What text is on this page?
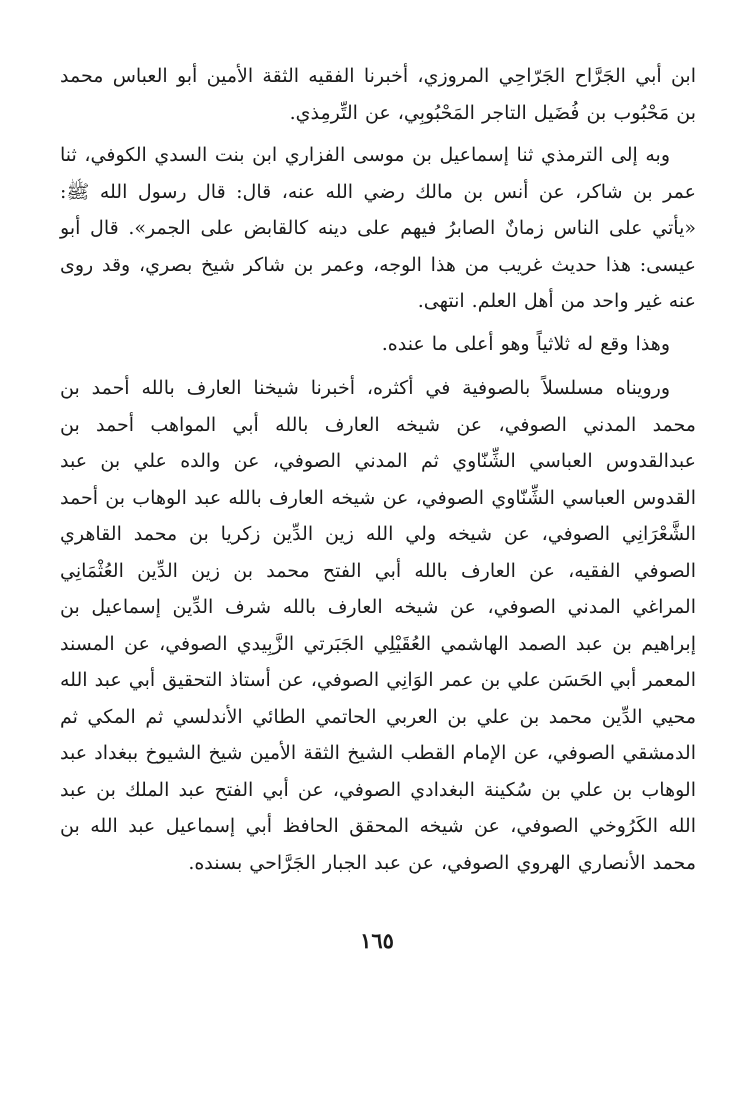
ابن أبي الجَرَّاح الجَرّاحِي المروزي، أخبرنا الفقيه الثقة الأمين أبو العباس محمد بن مَحْبُوب بن فُضَيل التاجر المَحْبُوبِي، عن التِّرمِذي.

وبه إلى الترمذي ثنا إسماعيل بن موسى الفزاري ابن بنت السدي الكوفي، ثنا عمر بن شاكر، عن أنس بن مالك رضي الله عنه، قال: قال رسول الله ﷺ: «يأتي على الناس زمانٌ الصابرُ فيهم على دينه كالقابض على الجمر». قال أبو عيسى: هذا حديث غريب من هذا الوجه، وعمر بن شاكر شيخ بصري، وقد روى عنه غير واحد من أهل العلم. انتهى.

وهذا وقع له ثلاثياً وهو أعلى ما عنده.

ورويناه مسلسلاً بالصوفية في أكثره، أخبرنا شيخنا العارف بالله أحمد بن محمد المدني الصوفي، عن شيخه العارف بالله أبي المواهب أحمد بن عبدالقدوس العباسي الشِّنّاوي ثم المدني الصوفي، عن والده علي بن عبد القدوس العباسي الشِّنّاوي الصوفي، عن شيخه العارف بالله عبد الوهاب بن أحمد الشَّعْرَانِي الصوفي، عن شيخه ولي الله زين الدِّين زكريا بن محمد القاهري الصوفي الفقيه، عن العارف بالله أبي الفتح محمد بن زين الدِّين العُثْمَانِي المراغي المدني الصوفي، عن شيخه العارف بالله شرف الدِّين إسماعيل بن إبراهيم بن عبد الصمد الهاشمي العُقَيْلِي الجَبَرتي الزَّبِيدي الصوفي، عن المسند المعمر أبي الحَسَن علي بن عمر الوَانِي الصوفي، عن أستاذ التحقيق أبي عبد الله محيي الدِّين محمد بن علي بن العربي الحاتمي الطائي الأندلسي ثم المكي ثم الدمشقي الصوفي، عن الإمام القطب الشيخ الثقة الأمين شيخ الشيوخ ببغداد عبد الوهاب بن علي بن سُكينة البغدادي الصوفي، عن أبي الفتح عبد الملك بن عبد الله الكَرُوخي الصوفي، عن شيخه المحقق الحافظ أبي إسماعيل عبد الله بن محمد الأنصاري الهروي الصوفي، عن عبد الجبار الجَرَّاحي بسنده.

١٦٥
